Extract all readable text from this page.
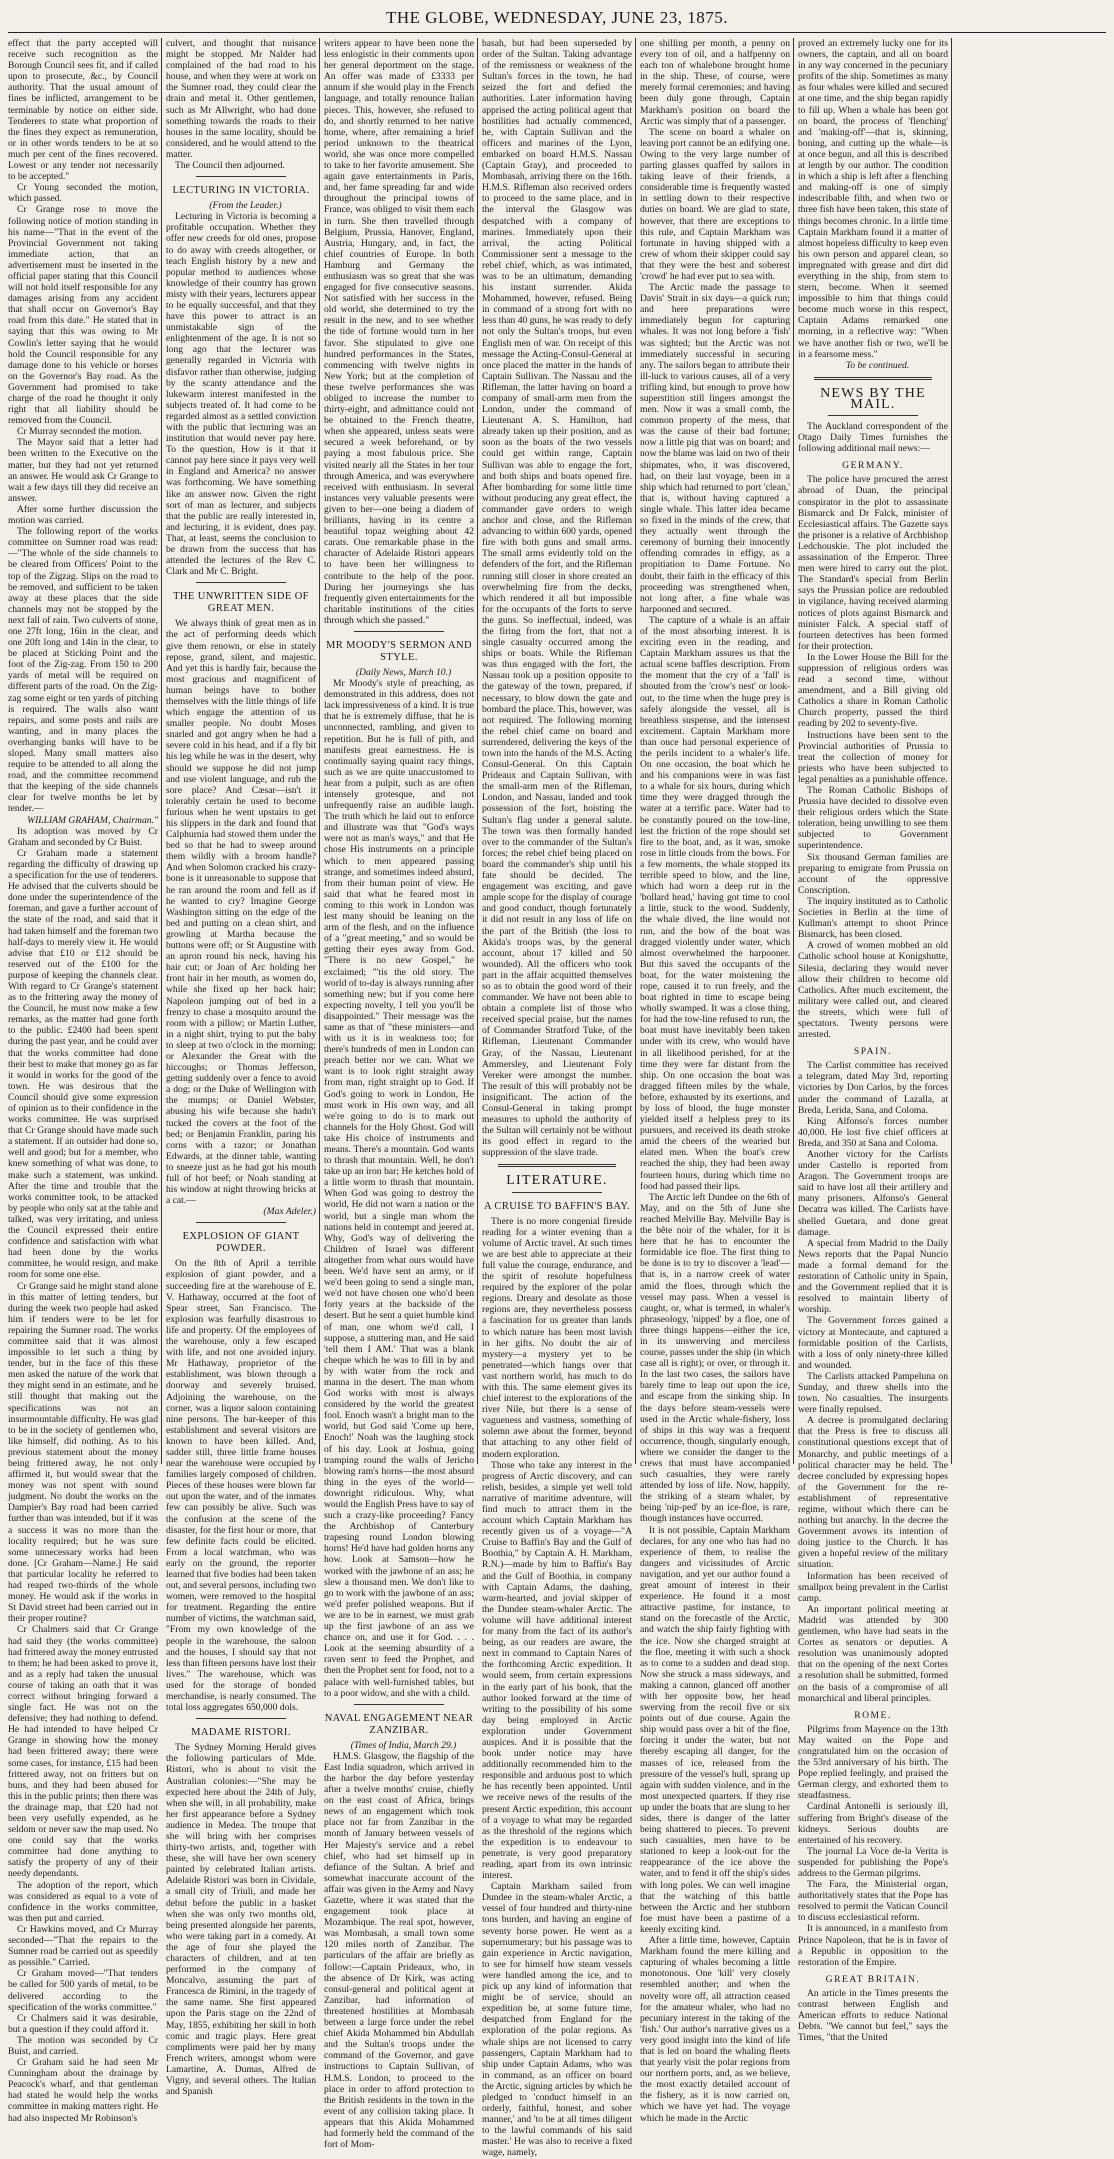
THE GLOBE, WEDNESDAY, JUNE 23, 1875.

effect that the party accepted will receive such recognition as the Borough Council sees fit, and if called upon to prosecute, &c., by Council authority. That the usual amount of fines be inflicted, arrangement to be terminable by notice on either side. Tenderers to state what proportion of the fines they expect as remuneration, or in other words tenders to be at so much per cent of the fines recovered. Lowest or any tender not necessarily to be accepted."

Cr Young seconded the motion, which passed.

Cr Grange rose to move the following notice of motion standing in his name—"That in the event of the Provincial Government not taking immediate action, that an advertisement must be inserted in the official paper stating that this Council will not hold itself responsible for any damages arising from any accident that shall occur on Governor's Bay road from this date." He stated that in saying that this was owing to Mr Cowlin's letter saying that he would hold the Council responsible for any damage done to his vehicle or horses on the Governor's Bay road. As the Government had promised to take charge of the road he thought it only right that all liability should be removed from the Council.

Cr Murray seconded the motion.

The Mayor said that a letter had been written to the Executive on the matter, but they had not yet returned an answer. He would ask Cr Grange to wait a few days till they did receive an answer.

After some further discussion the motion was carried.

The following report of the works committee on Sumner road was read:—"The whole of the side channels to be cleared from Officers' Point to the top of the Zigzag. Slips on the road to be removed, and sufficient to be taken away at these places that the side channels may not be stopped by the next fall of rain. Two culverts of stone, one 27ft long, 16in in the clear, and one 20ft long and 14in in the clear, to be placed at Sticking Point and the foot of the Zig-zag. From 150 to 200 yards of metal will be required on different parts of the road. On the Zig-zag some eight or ten yards of pitching is required. The walls also want repairs, and some posts and rails are wanting, and in many places the overhanging banks will have to be sloped. Many small matters also require to be attended to all along the road, and the committee recommend that the keeping of the side channels clear for twelve months be let by tender.—

WILLIAM GRAHAM, Chairman."

Its adoption was moved by Cr Graham and seconded by Cr Buist.

Cr Graham made a statement regarding the difficulty of drawing up a specification for the use of tenderers. He advised that the culverts should be done under the superintendence of the foreman, and gave a further account of the state of the road, and said that it had taken himself and the foreman two half-days to merely view it. He would advise that £10 or £12 should be reserved out of the £100 for the purpose of keeping the channels clear. With regard to Cr Grange's statement as to the frittering away the money of the Council, he must now make a few remarks, as the matter had gone forth to the public. £2400 had been spent during the past year, and he could aver that the works committee had done their best to make that money go as far it would in works for the good of the town. He was desirous that the Council should give some expression of opinion as to their confidence in the works committee. He was surprised that Cr Grange should have made such a statement. If an outsider had done so, well and good; but for a member, who knew something of what was done, to make such a statement, was unkind. After the time and trouble that the works committee took, to be attacked by people who only sat at the table and talked, was very irritating, and unless the Council expressed their entire confidence and satisfaction with what had been done by the works committee, he would resign, and make room for some one else.

Cr Grange said he might stand alone in this matter of letting tenders, but during the week two people had asked him if tenders were to be let for repairing the Sumner road. The works committee said that it was almost impossible to let such a thing by tender, but in the face of this these men asked the nature of the work that they might send in an estimate, and he still thought that making out the specifications was not an insurmountable difficulty. He was glad to be in the society of gentlemen who, like himself, did nothing. As to his previous statement about the money being frittered away, he not only affirmed it, but would swear that the money was not spent with sound judgment. No doubt the works on the Dampier's Bay road had been carried further than was intended, but if it was a success it was no more than the locality required; but he was sure some unnecessary works had been done. [Cr Graham—Name.] He said that particular locality he referred to had reaped two-thirds of the whole money. He would ask if the works in St David street had been carried out in their proper routine?

Cr Chalmers said that Cr Grange had said they (the works committee) had frittered away the money entrusted to them; he had been asked to prove it, and as a reply had taken the unusual course of taking an oath that it was correct without bringing forward a single fact. He was not on the defensive; they had nothing to defend. He had intended to have helped Cr Grange in showing how the money had been frittered away; there were some cases, for instance, £15 had been frittered away, not on fritters but on buns, and they had been abused for this in the public prints; then there was the drainage map, that £20 had not been very usefully expended, as he seldom or never saw the map used. No one could say that the works committee had done anything to satisfy the property of any of their needy dependants.

The adoption of the report, which was considered as equal to a vote of confidence in the works committee, was then put and carried.

Cr Hawkins moved, and Cr Murray seconded—"That the repairs to the Sumner road be carried out as speedily as possible." Carried.

Cr Graham moved—"That tenders be called for 500 yards of metal, to be delivered according to the specification of the works committee."

Cr Chalmers said it was desirable, but a question if they could afford it.

The motion was seconded by Cr Buist, and carried.

Cr Graham said he had seen Mr Cunningham about the drainage by Peacock's wharf, and that gentleman had stated he would help the works committee in making matters right. He had also inspected Mr Robinson's

culvert, and thought that nuisance might be stopped. Mr Nalder had complained of the bad road to his house, and when they were at work on the Sumner road, they could clear the drain and metal it. Other gentlemen, such as Mr Allwright, who had done something towards the roads to their houses in the same locality, should be considered, and he would attend to the matter.

The Council then adjourned.

LECTURING IN VICTORIA.

(From the Leader.)

Lecturing in Victoria is becoming a profitable occupation. Whether they offer new creeds for old ones, propose to do away with creeds altogether, or teach English history by a new and popular method to audiences whose knowledge of their country has grown misty with their years, lecturers appear to be equally successful, and that they have this power to attract is an unmistakable sign of the enlightenment of the age. It is not so long ago that the lecturer was generally regarded in Victoria with disfavor rather than otherwise, judging by the scanty attendance and the lukewarm interest manifested in the subjects treated of. It had come to be regarded almost as a settled conviction with the public that lecturing was an institution that would never pay here. To the question, How is it that it cannot pay here since it pays very well in England and America? no answer was forthcoming. We have something like an answer now. Given the right sort of man as lecturer, and subjects that the public are really interested in, and lecturing, it is evident, does pay. That, at least, seems the conclusion to be drawn from the success that has attended the lectures of the Rev C. Clark and Mr C. Bright.

THE UNWRITTEN SIDE OF GREAT MEN.

We always think of great men as in the act of performing deeds which give them renown, or else in stately repose, grand, silent, and majestic. And yet this is hardly fair, because the most gracious and magnificent of human beings have to bother themselves with the little things of life which engage the attention of us smaller people. No doubt Moses snarled and got angry when he had a severe cold in his head, and if a fly bit his leg while he was in the desert, why should we suppose he did not jump and use violent language, and rub the sore place? And Cæsar—isn't it tolerably certain he used to become furious when he went upstairs to get his slippers in the dark and found that Calphurnia had stowed them under the bed so that he had to sweep around them wildly with a broom handle? And when Solomon cracked his crazy-bone is it unreasonable to suppose that he ran around the room and fell as if he wanted to cry? Imagine George Washington sitting on the edge of the bed and putting on a clean shirt, and growling at Martha because the buttons were off; or St Augustine with an apron round his neck, having his hair cut; or Joan of Arc holding her front hair in her mouth, as women do, while she fixed up her back hair; Napoleon jumping out of bed in a frenzy to chase a mosquito around the room with a pillow; or Martin Luther, in a night shirt, trying to put the baby to sleep at two o'clock in the morning; or Alexander the Great with the hiccoughs; or Thomas Jefferson, getting suddenly over a fence to avoid a dog; or the Duke of Wellington with the mumps; or Daniel Webster, abusing his wife because she hadn't tucked the covers at the foot of the bed; or Benjamin Franklin, paring his corns with a razor; or Jonathan Edwards, at the dinner table, wanting to sneeze just as he had got his mouth full of hot beef; or Noah standing at his window at night throwing bricks at a cat.—

(Max Adeler.)

EXPLOSION OF GIANT POWDER.

On the 8th of April a terrible explosion of giant powder, and a succeeding fire at the warehouse of E. V. Hathaway, occurred at the foot of Spear street, San Francisco. The explosion was fearfully disastrous to life and property. Of the employees of the warehouse, only a few escaped with life, and not one avoided injury. Mr Hathaway, proprietor of the establishment, was blown through a doorway and severely bruised. Adjoining the warehouse, on the corner, was a liquor saloon containing nine persons. The bar-keeper of this establishment and several visitors are known to have been killed. And, sadder still, three little frame houses near the warehouse were occupied by families largely composed of children. Pieces of these houses were blown far out upon the water, and of the inmates few can possibly be alive. Such was the confusion at the scene of the disaster, for the first hour or more, that few definite facts could be elicited. From a local watchman, who was early on the ground, the reporter learned that five bodies had been taken out, and several persons, including two women, were removed to the hospital for treatment. Regarding the entire number of victims, the watchman said, "From my own knowledge of the people in the warehouse, the saloon and the houses, I should say that not less than fifteen persons have lost their lives." The warehouse, which was used for the storage of bonded merchandise, is nearly consumed. The total loss aggregates 650,000 dols.

MADAME RISTORI.

The Sydney Morning Herald gives the following particulars of Mde. Ristori, who is about to visit the Australian colonies:—"She may be expected here about the 24th of July, when she will, in all probability, make her first appearance before a Sydney audience in Medea. The troupe that she will bring with her comprises thirty-two artists, and, together with these, she will have her own scenery painted by celebrated Italian artists. Adelaide Ristori was born in Cividale, a small city of Triuli, and made her debut before the public in a basket when she was only two months old, being presented alongside her parents, who were taking part in a comedy. At the age of four she played the characters of children, and at ten performed in the company of Moncalvo, assuming the part of Francesca de Rimini, in the tragedy of the same name. She first appeared upon the Paris stage on the 22nd of May, 1855, exhibiting her skill in both comic and tragic plays. Here great compliments were paid her by many French writers, amongst whom were Lamartine, A. Dumas, Alfred de Vigny, and several others. The Italian and Spanish

writers appear to have been none the less enlogistic in their comments upon her general deportment on the stage. An offer was made of £3333 per annum if she would play in the French language, and totally renounce Italian pieces. This, however, she refused to do, and shortly returned to her native home, where, after remaining a brief period unknown to the theatrical world, she was once more compelled to take to her favorite amusement. She again gave entertainments in Paris, and, her fame spreading far and wide throughout the principal towns of France, was obliged to visit them each in turn. She then travelled through Belgium, Prussia, Hanover, England, Austria, Hungary, and, in fact, the chief countries of Europe. In both Hamburg and Germany the enthusiasm was so great that she was engaged for five consecutive seasons. Not satisfied with her success in the old world, she determined to try the result in the new, and to see whether the tide of fortune would turn in her favor. She stipulated to give one hundred performances in the States, commencing with twelve nights in New York; but at the completion of these twelve performances she was obliged to increase the number to thirty-eight, and admittance could not be obtained to the French theatre, when she appeared, unless seats were secured a week beforehand, or by paying a most fabulous price. She visited nearly all the States in her tour through America, and was everywhere received with enthusiasm. In several instances very valuable presents were given to her—one being a diadem of brilliants, having in its centre a beautiful topaz weighing about 42 carats. One remarkable phase in the character of Adelaide Ristori appears to have been her willingness to contribute to the help of the poor. During her journeyings she has frequently given entertainments for the charitable institutions of the cities through which she passed."

MR MOODY'S SERMON AND STYLE.

(Daily News, March 10.)

Mr Moody's style of preaching, as demonstrated in this address, does not lack impressiveness of a kind. It is true that he is extremely diffuse, that he is unconnected, rambling, and given to repetition. But he is full of pith, and manifests great earnestness. He is continually saying quaint racy things, such as we are quite unaccustomed to hear from a pulpit, such as are often intensely grotesque, and not unfrequently raise an audible laugh. The truth which he laid out to enforce and illustrate was that "God's ways were not as man's ways," and that He chose His instruments on a principle which to men appeared passing strange, and sometimes indeed absurd, from their human point of view. He said that what he feared most in coming to this work in London was lest many should be leaning on the arm of the flesh, and on the influence of a "great meeting," and so would be getting their eyes away from God. "There is no new Gospel," he exclaimed; "'tis the old story. The world of to-day is always running after something new; but if you come here expecting novelty, I tell you you'll be disappointed." Their message was the same as that of "these ministers—and with us it is in weakness too; for there's hundreds of men in London can preach better nor we can. What we want is to look right straight away from man, right straight up to God. If God's going to work in London, He must work in His own way, and all we're going to do is to mark out channels for the Holy Ghost. God will take His choice of instruments and means. There's a mountain. God wants to thrash that mountain. Well, he don't take up an iron bar; He ketches hold of a little worm to thrash that mountain. When God was going to destroy the world, He did not warn a nation or the world, but a single man whom the nations held in contempt and jeered at. Why, God's way of delivering the Children of Israel was different altogether from what ours would have been. We'd have sent an army, or if we'd been going to send a single man, we'd not have chosen one who'd been forty years at the backside of the desert. But he sent a quiet humble kind of man, one whom we'd call, I suppose, a stuttering man, and He said 'tell them I AM.' That was a blank cheque which he was to fill in by and by with water from the rock and manna in the desert. The man whom God works with most is always considered by the world the greatest fool. Enoch wasn't a bright man to the world, but God said 'Come up here, Enoch!' Noah was the laughing stock of his day. Look at Joshua, going tramping round the walls of Jericho blowing ram's horns—the most absurd thing in the eyes of the world—downright ridiculous. Why, what would the English Press have to say of such a crazy-like proceeding? Fancy the Archbishop of Canterbury trapesing round London blowing horns! He'd have had golden horns any how. Look at Samson—how he worked with the jawbone of an ass; he slew a thousand men. We don't like to go to work with the jawbone of an ass; we'd prefer polished weapons. But if we are to be in earnest, we must grab up the first jawbone of an ass we chance on, and use it for God. . . . Look at the seeming absurdity of a raven sent to feed the Prophet, and then the Prophet sent for food, not to a palace with well-furnished tables, but to a poor widow, and she with a child.

NAVAL ENGAGEMENT NEAR ZANZIBAR.

(Times of India, March 29.)

H.M.S. Glasgow, the flagship of the East India squadron, which arrived in the harbor the day before yesterday after a twelve months' cruise, chiefly on the east coast of Africa, brings news of an engagement which took place not far from Zanzibar in the month of January between vessels of Her Majesty's service and a rebel chief, who had set himself up in defiance of the Sultan. A brief and somewhat inaccurate account of the affair was given in the Army and Navy Gazette, where it was stated that the engagement took place at Mozambique. The real spot, however, was Mombasah, a small town some 120 miles north of Zanzibar. The particulars of the affair are briefly as follow:—Captain Prideaux, who, in the absence of Dr Kirk, was acting consul-general and political agent at Zanzibar, had information of threatened hostilities at Mombasah between a large force under the rebel chief Akida Mohammed bin Abdullah and the Sultan's troops under the command of the Governor, and gave instructions to Captain Sullivan, of H.M.S. London, to proceed to the place in order to afford protection to the British residents in the town in the event of any collision taking place. It appears that this Akida Mohammed had formerly held the command of the fort of Mom-

basah, but had been superseded by order of the Sultan. Taking advantage of the remissness or weakness of the Sultan's forces in the town, he had seized the fort and defied the authorities. Later information having apprised the acting political agent that hostilities had actually commenced, he, with Captain Sullivan and the officers and marines of the Lyon, embarked on board H.M.S. Nassau (Captain Gray), and proceeded to Mombasah, arriving there on the 16th. H.M.S. Rifleman also received orders to proceed to the same place, and in the interval the Glasgow was despatched with a company of marines. Immediately upon their arrival, the acting Political Commissioner sent a message to the rebel chief, which, as was intimated, was to be an ultimatum, demanding his instant surrender. Akida Mohammed, however, refused. Being in command of a strong fort with no less than 40 guns, he was ready to defy not only the Sultan's troops, but even English men of war. On receipt of this message the Acting-Consul-General at once placed the matter in the hands of Captain Sullivan. The Nassau and the Rifleman, the latter having on board a company of small-arm men from the London, under the command of Lieutenant A. S. Hamilton, had already taken up their position, and as soon as the boats of the two vessels could get within range, Captain Sullivan was able to engage the fort, and both ships and boats opened fire. After bombarding for some little time without producing any great effect, the commander gave orders to weigh anchor and close, and the Rifleman advancing to within 600 yards, opened fire with both guns and small arms. The small arms evidently told on the defenders of the fort, and the Rifleman running still closer in shore created an overwhelming fire from the decks, which rendered it all but impossible for the occupants of the forts to serve the guns. So ineffectual, indeed, was the firing from the fort, that not a single casualty occurred among the ships or boats. While the Rifleman was thus engaged with the fort, the Nassau took up a position opposite to the gateway of the town, prepared, if necessary, to blow down the gate and bombard the place. This, however, was not required. The following morning the rebel chief came on board and surrendered, delivering the keys of the town into the hands of the M.S. Acting Consul-General. On this Captain Prideaux and Captain Sullivan, with the small-arm men of the Rifleman, London, and Nassau, landed and took possession of the fort, hoisting the Sultan's flag under a general salute. The town was then formally handed over to the commander of the Sultan's forces; the rebel chief being placed on board the commander's ship until his fate should be decided. The engagement was exciting, and gave ample scope for the display of courage and good conduct, though fortunately it did not result in any loss of life on the part of the British (the loss to Akida's troops was, by the general account, about 17 killed and 50 wounded). All the officers who took part in the affair acquitted themselves so as to obtain the good word of their commander. We have not been able to obtain a complete list of those who received special praise, but the names of Commander Stratford Tuke, of the Rifleman, Lieutenant Commander Gray, of the Nassau, Lieutenant Ammersley, and Lieutenant Foly Vereker were amongst the number. The result of this will probably not be insignificant. The action of the Consul-General in taking prompt measures to uphold the authority of the Sultan will certainly not be without its good effect in regard to the suppression of the slave trade.

LITERATURE.
A CRUISE TO BAFFIN'S BAY.

There is no more congenial fireside reading for a winter evening than a volume of Arctic travel. At such times we are best able to appreciate at their full value the courage, endurance, and the spirit of resolute hopefulness required by the explorer of the polar regions. Dreary and desolate as those regions are, they nevertheless possess a fascination for us greater than lands to which nature has been most lavish in her gifts. No doubt the air of mystery—a mystery yet to be penetrated—which hangs over that vast northern world, has much to do with this. The same element gives its chief interest to the explorations of the river Nile, but there is a sense of vagueness and vastness, something of solemn awe about the former, beyond that attaching to any other field of modern exploration.

Those who take any interest in the progress of Arctic discovery, and can relish, besides, a simple yet well told narrative of maritime adventure, will find much to attract them in the account which Captain Markham has recently given us of a voyage—"A Cruise to Baffin's Bay and the Gulf of Boothia," by Captain A. H. Markham, R.N.)—made by him to Baffin's Bay and the Gulf of Boothia, in company with Captain Adams, the dashing, warm-hearted, and jovial skipper of the Dundee steam-whaler Arctic. The volume will have additional interest for many from the fact of its author's being, as our readers are aware, the next in command to Captain Nares of the forthcoming Arctic expedition. It would seem, from certain expressions in the early part of his book, that the author looked forward at the time of writing to the possibility of his some day being employed in Arctic exploration under Government auspices. And it is possible that the book under notice may have additionally recommended him to the responsible and arduous post to which he has recently been appointed. Until we receive news of the results of the present Arctic expedition, this account of a voyage to what may be regarded as the threshold of the regions which the expedition is to endeavour to penetrate, is very good preparatory reading, apart from its own intrinsic interest.

Captain Markham sailed from Dundee in the steam-whaler Arctic, a vessel of four hundred and thirty-nine tons burden, and having an engine of seventy horse power. He went as a supernumerary; but his passage was to gain experience in Arctic navigation, to see for himself how steam vessels were handled among the ice, and to pick up any kind of information that might be of service, should an expedition be, at some future time, despatched from England for the exploration of the polar regions. As whale ships are not licensed to carry passengers, Captain Markham had to ship under Captain Adams, who was in command, as an officer on board the Arctic, signing articles by which he pledged to 'conduct himself in an orderly, faithful, honest, and sober manner,' and 'to be at all times diligent to the lawful commands of his said master.' He was also to receive a fixed wage, namely,

one shilling per month, a penny on every ton of oil, and a halfpenny on each ton of whalebone brought home in the ship. These, of course, were merely formal ceremonies; and having been duly gone through, Captain Markham's position on board the Arctic was simply that of a passenger.

The scene on board a whaler on leaving port cannot be an edifying one. Owing to the very large number of parting glasses quaffed by sailors in taking leave of their friends, a considerable time is frequently wasted in settling down to their respective duties on board. We are glad to state, however, that there are exceptions to this rule, and Captain Markham was fortunate in having shipped with a crew of whom their skipper could say that they were the best and soberest 'crowd' he had ever put to sea with.

The Arctic made the passage to Davis' Strait in six days—a quick run; and here preparations were immediately begun for capturing whales. It was not long before a 'fish' was sighted; but the Arctic was not immediately successful in securing any. The sailors began to attribute their ill-luck to various causes, all of a very trifling kind, but enough to prove how superstition still lingers amongst the men. Now it was a small comb, the common property of the mess, that was the cause of their bad fortune; now a little pig that was on board; and now the blame was laid on two of their shipmates, who, it was discovered, had, on their last voyage, been in a ship which had returned to port 'clean,' that is, without having captured a single whale. This latter idea became so fixed in the minds of the crew, that they actually went through the ceremony of burning their innocently offending comrades in effigy, as a propitiation to Dame Fortune. No doubt, their faith in the efficacy of this proceeding was strengthened when, not long after, a fine whale was harpooned and secured.

The capture of a whale is an affair of the most absorbing interest. It is exciting even in the reading, and Captain Markham assures us that the actual scene baffles description. From the moment that the cry of a 'fall' is shouted from the 'crow's nest' or look-out, to the time when the huge prey is safely alongside the vessel, all is breathless suspense, and the intensest excitement. Captain Markham more than once had personal experience of the perils incident to a whaler's life. On one occasion, the boat which he and his companions were in was fast to a whale for six hours, during which time they were dragged through the water at a terrific pace. Water had to be constantly poured on the tow-line, lest the friction of the rope should set fire to the boat, and, as it was, smoke rose in little clouds from the bows. For a few moments, the whale stopped its terrible speed to blow, and the line, which had worn a deep rut in the 'bollard head,' having got time to cool a little, stuck to the wood. Suddenly, the whale dived, the line would not run, and the bow of the boat was dragged violently under water, which almost overwhelmed the harpooner. But this saved the occupants of the boat, for the water moistening the rope, caused it to run freely, and the boat righted in time to escape being wholly swamped. It was a close thing, for had the tow-line refused to run, the boat must have inevitably been taken under with its crew, who would have in all likelihood perished, for at the time they were far distant from the ship. On one occasion the boat was dragged fifteen miles by the whale, before, exhausted by its exertions, and by loss of blood, the huge monster yielded itself a helpless prey to its pursuers, and received its death stroke amid the cheers of the wearied but elated men. When the boat's crew reached the ship, they had been away fourteen hours, during which time no food had passed their lips.

The Arctic left Dundee on the 6th of May, and on the 5th of June she reached Melville Bay. Melville Bay is the bête noir of the whaler, for it is here that he has to encounter the formidable ice floe. The first thing to be done is to try to discover a 'lead'—that is, in a narrow creek of water amid the floes, through which the vessel may pass. When a vessel is caught, or, what is termed, in whaler's phraseology, 'nipped' by a floe, one of three things happens—either the ice, in its unswerving and merciless course, passes under the ship (in which case all is right); or over, or through it. In the last two cases, the sailors have barely time to leap out upon the ice, and escape from the sinking ship. In the days before steam-vessels were used in the Arctic whale-fishery, loss of ships in this way was a frequent occurrence, though, singularly enough, where we consider the danger to the crews that must have accompanied such casualties, they were rarely attended by loss of life. Now, happily, the striking of a steam whaler, by being 'nip-ped' by an ice-floe, is rare, though instances have occurred.

It is not possible, Captain Markham declares, for any one who has had no experience of them, to realise the dangers and vicissitudes of Arctic navigation, and yet our author found a great amount of interest in their experience. He found it a most attractive pastime, for instance, to stand on the forecastle of the Arctic, and watch the ship fairly fighting with the ice. Now she charged straight at the floe, meeting it with such a shock as to come to a sudden and dead stop. Now she struck a mass sideways, and making a cannon, glanced off another with her opposite bow, her head swerving from the recoil five or six points out of due course. Again the ship would pass over a bit of the floe, forcing it under the water, but not thereby escaping all danger, for the masses of ice, released from the pressure of the vessel's hull, sprang up again with sudden violence, and in the most unexpected quarters. If they rise up under the boats that are slung to her sides, there is danger of the latter being shattered to pieces. To prevent such casualties, men have to be stationed to keep a look-out for the reappearance of the ice above the water, and to fend it off the ship's sides with long poles. We can well imagine that the watching of this battle between the Arctic and her stubborn foe must have been a pastime of a keenly exciting kind.

After a little time, however, Captain Markham found the mere killing and capturing of whales becoming a little monotonous. One 'kill' very closely resembled another; and when the novelty wore off, all attraction ceased for the amateur whaler, who had no pecuniary interest in the taking of the 'fish.' Our author's narrative gives us a very good insight into the kind of life that is led on board the whaling fleets that yearly visit the polar regions from our northern ports, and, as we believe, the most exactly detailed account of the fishery, as it is now carried on, which we have yet had. The voyage which he made in the Arctic

proved an extremely lucky one for its owners, the captain, and all on board in any way concerned in the pecuniary profits of the ship. Sometimes as many as four whales were killed and secured at one time, and the ship began rapidly to fill up. When a whale has been got on board, the process of 'flenching' and 'making-off'—that is, skinning, boning, and cutting up the whale—is at once begun, and all this is described at length by our author. The condition in which a ship is left after a flenching and making-off is one of simply indescribable filth, and when two or three fish have been taken, this state of things becomes chronic. In a little time Captain Markham found it a matter of almost hopeless difficulty to keep even his own person and apparel clean, so impregnated with grease and dirt did everything in the ship, from stem to stern, become. When it seemed impossible to him that things could become much worse in this respect, Captain Adams remarked one morning, in a reflective way: "When we have another fish or two, we'll be in a fearsome mess."

To be continued.

NEWS BY THE MAIL.

The Auckland correspondent of the Otago Daily Times furnishes the following additional mail news:—

GERMANY.

The police have procured the arrest abroad of Duan, the principal conspirator in the plot to assassinate Bismarck and Dr Falck, minister of Ecclesiastical affairs. The Gazette says the prisoner is a relative of Archbishop Ledchouskie. The plot included the assassination of the Emperor. Three men were hired to carry out the plot. The Standard's special from Berlin says the Prussian police are redoubled in vigilance, having received alarming notices of plots against Bismarck and minister Falck. A special staff of fourteen detectives has been formed for their protection.

In the Lower House the Bill for the suppression of religious orders was read a second time, without amendment, and a Bill giving old Catholics a share in Roman Catholic Church property, passed the third reading by 202 to seventy-five.

Instructions have been sent to the Provincial authorities of Prussia to treat the collection of money for priests who have been subjected to legal penalties as a punishable offence.

The Roman Catholic Bishops of Prussia have decided to dissolve even their religious orders which the State toleration, being unwilling to see them subjected to Government superintendence.

Six thousand German families are preparing to emigrate from Prussia on account of the oppressive Conscription.

The inquiry instituted as to Catholic Societies in Berlin at the time of Kullman's attempt to shoot Prince Bismarck, has been closed.

A crowd of women mobbed an old Catholic school house at Konigshutte, Silesia, declaring they would never allow their children to become old Catholics. After much excitement, the military were called out, and cleared the streets, which were full of spectators. Twenty persons were arrested.

SPAIN.

The Carlist committee has received a telegram, dated May 3rd, reporting victories by Don Carlos, by the forces under the command of Lazalla, at Breda, Lerida, Sana, and Coloma.

King Alfonso's forces number 40,000. He lost five chief officers at Breda, and 350 at Sana and Coloma.

Another victory for the Carlists under Castello is reported from Aragon. The Government troops are said to have lost all their artillery and many prisoners. Alfonso's General Decatra was killed. The Carlists have shelled Guetara, and done great damage.

A special from Madrid to the Daily News reports that the Papal Nuncio made a formal demand for the restoration of Catholic unity in Spain, and the Government replied that it is resolved to maintain liberty of worship.

The Government forces gained a victory at Montecaute, and captured a formidable position of the Carlists, with a loss of only ninety-three killed and wounded.

The Carlists attacked Pampeluna on Sunday, and threw shells into the town. No casualties. The insurgents were finally repulsed.

A decree is promulgated declaring that the Press is free to discuss all constitutional questions except that of Monarchy, and public meetings of a political character may be held. The decree concluded by expressing hopes of the Government for the re-establishment of representative regime, without which there can be nothing but anarchy. In the decree the Government avows its intention of doing justice to the Church. It has given a hopeful review of the military situation.

Information has been received of smallpox being prevalent in the Carlist camp.

An important political meeting at Madrid was attended by 300 gentlemen, who have had seats in the Cortes as senators or deputies. A resolution was unanimously adopted that on the opening of the next Cortes a resolution shall be submitted, formed on the basis of a compromise of all monarchical and liberal principles.

ROME.

Pilgrims from Mayence on the 13th May waited on the Pope and congratulated him on the occasion of the 53rd anniversary of his birth. The Pope replied feelingly, and praised the German clergy, and exhorted them to steadfastness.

Cardinal Antonelli is seriously ill, suffering from Bright's disease of the kidneys. Serious doubts are entertained of his recovery.

The journal La Voce de-la Verita is suspended for publishing the Pope's address to the German pilgrims.

The Fara, the Ministerial organ, authoritatively states that the Pope has resolved to permit the Vatican Council to discuss ecclesiastical reform.

It is announced, in a manifesto from Prince Napoleon, that he is in favor of a Republic in opposition to the restoration of the Empire.

GREAT BRITAIN.

An article in the Times presents the contrast between English and American efforts to reduce National Debts. "We cannot but feel," says the Times, "that the United
